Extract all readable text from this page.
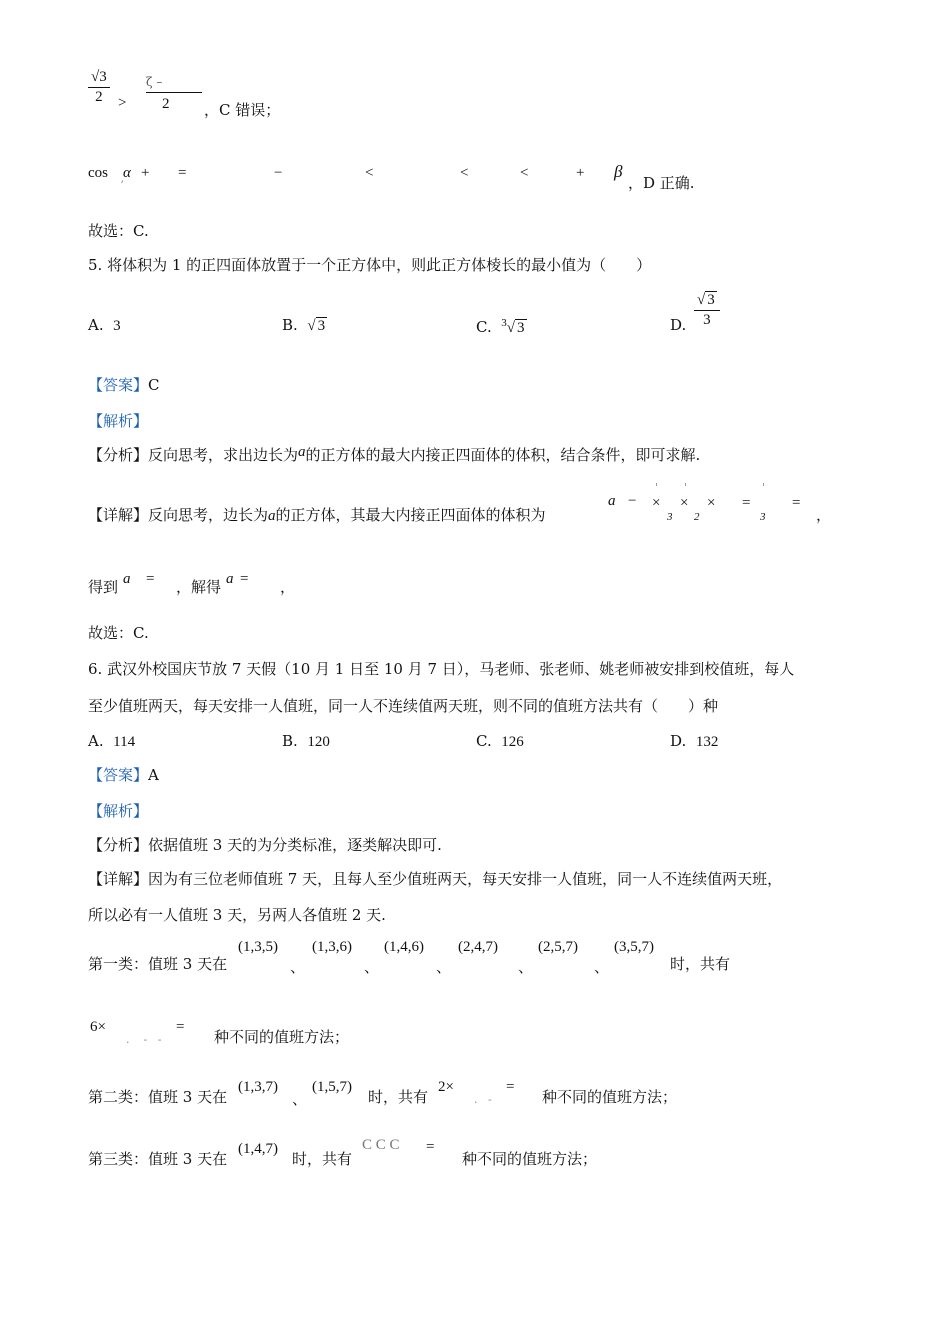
$\frac{√3}{2}$ >
ζ –
2	，C 错误；
cos α
ʼ
+ =	−	<	<	<	+ β
，D 正确.
故选：C.
5. 将体积为 1 的正四面体放置于一个正方体中，则此正方体棱长的最小值为（　　）
A. 3	B. √ 3	C. $^3$√ 3	D. $\frac{√ 3}{3}$
【答案】C
【解析】
【分析】反向思考，求出边长为a的正方体的最大内接正四面体的体积，结合条件，即可求解.
【详解】反向思考，边长为a的正方体，其最大内接正四面体的体积为
a −
'
×
3
'
×
2
× =
'
3
=
，
得到 a = ，解得 a = ，
故选：C.
6. 武汉外校国庆节放 7 天假（10 月 1 日至 10 月 7 日），马老师、张老师、姚老师被安排到校值班，每人
至少值班两天，每天安排一人值班，同一人不连续值两天班，则不同的值班方法共有（　　）种
A. 114	B. 120	C. 126	D. 132
【答案】A
【解析】
【分析】依据值班 3 天的为分类标准，逐类解决即可.
【详解】因为有三位老师值班 7 天，且每人至少值班两天，每天安排一人值班，同一人不连续值两天班，
所以必有一人值班 3 天，另两人各值班 2 天.
第一类：值班 3 天在
(1,3,5)
、
(1,3,6)
、
(1,4,6)
、
(2,4,7)
、
(2,5,7)
、
(3,5,7)
时，共有
6×
.    -   -
=
种不同的值班方法；
第二类：值班 3 天在
(1,3,7)
、
(1,5,7)
时，共有
2×
.   -
=
种不同的值班方法；
第三类：值班 3 天在
(1,4,7)
时，共有
C C C =
种不同的值班方法；
